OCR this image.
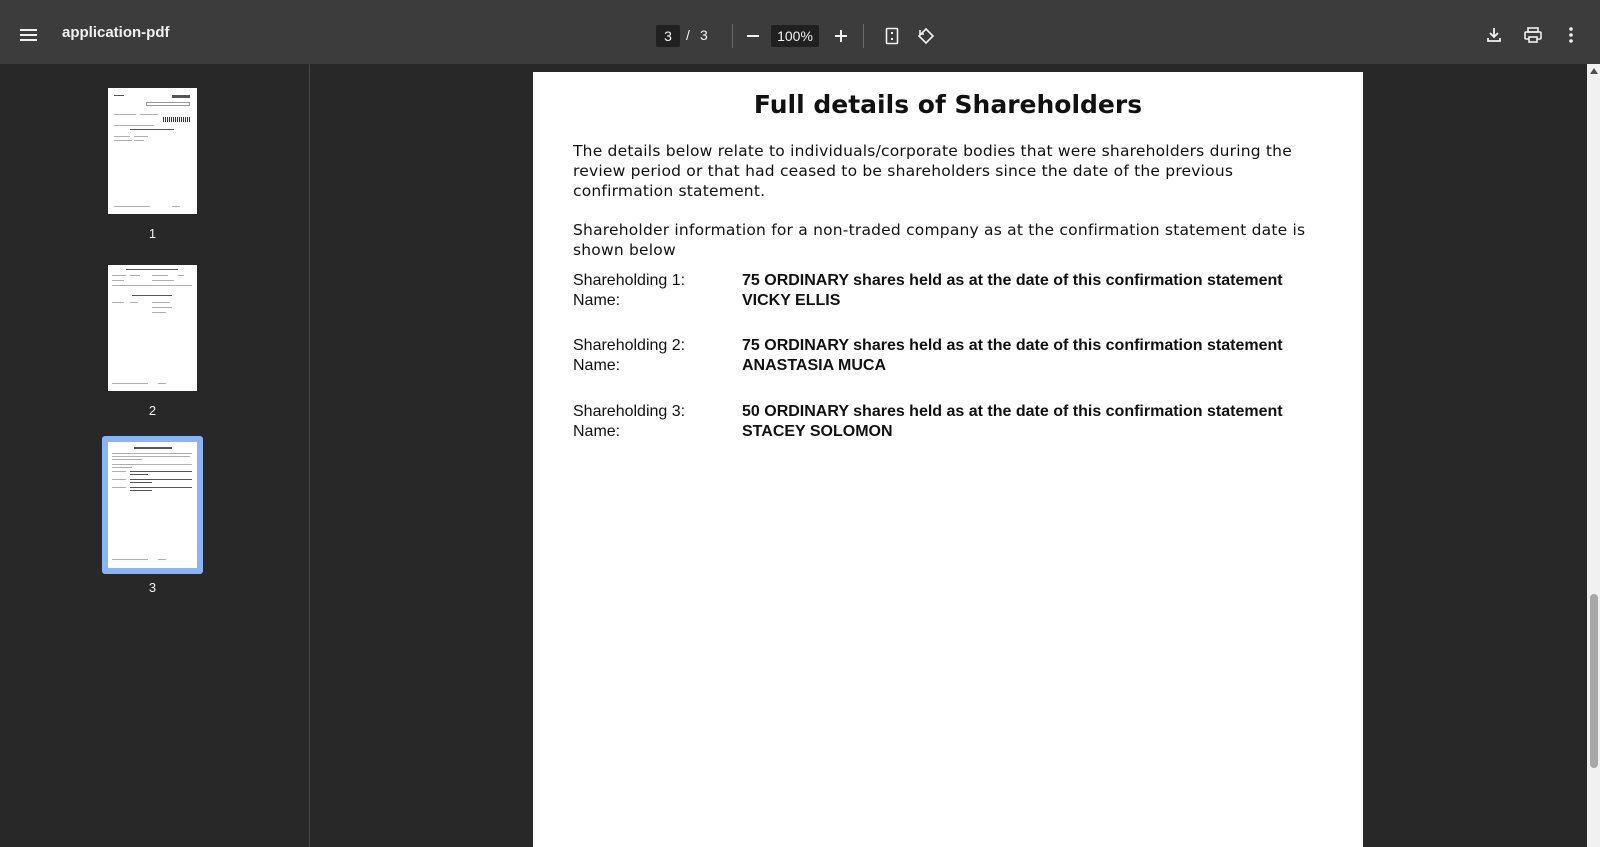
application-pdf	3	/ 3	100%
1
2
3
Full details of Shareholders
The details below relate to individuals/corporate bodies that were shareholders during the review period or that had ceased to be shareholders since the date of the previous confirmation statement.
Shareholder information for a non-traded company as at the confirmation statement date is shown below
Shareholding 1:	75 ORDINARY shares held as at the date of this confirmation statement
Name:	VICKY ELLIS
Shareholding 2:	75 ORDINARY shares held as at the date of this confirmation statement
Name:	ANASTASIA MUCA
Shareholding 3:	50 ORDINARY shares held as at the date of this confirmation statement
Name:	STACEY SOLOMON
